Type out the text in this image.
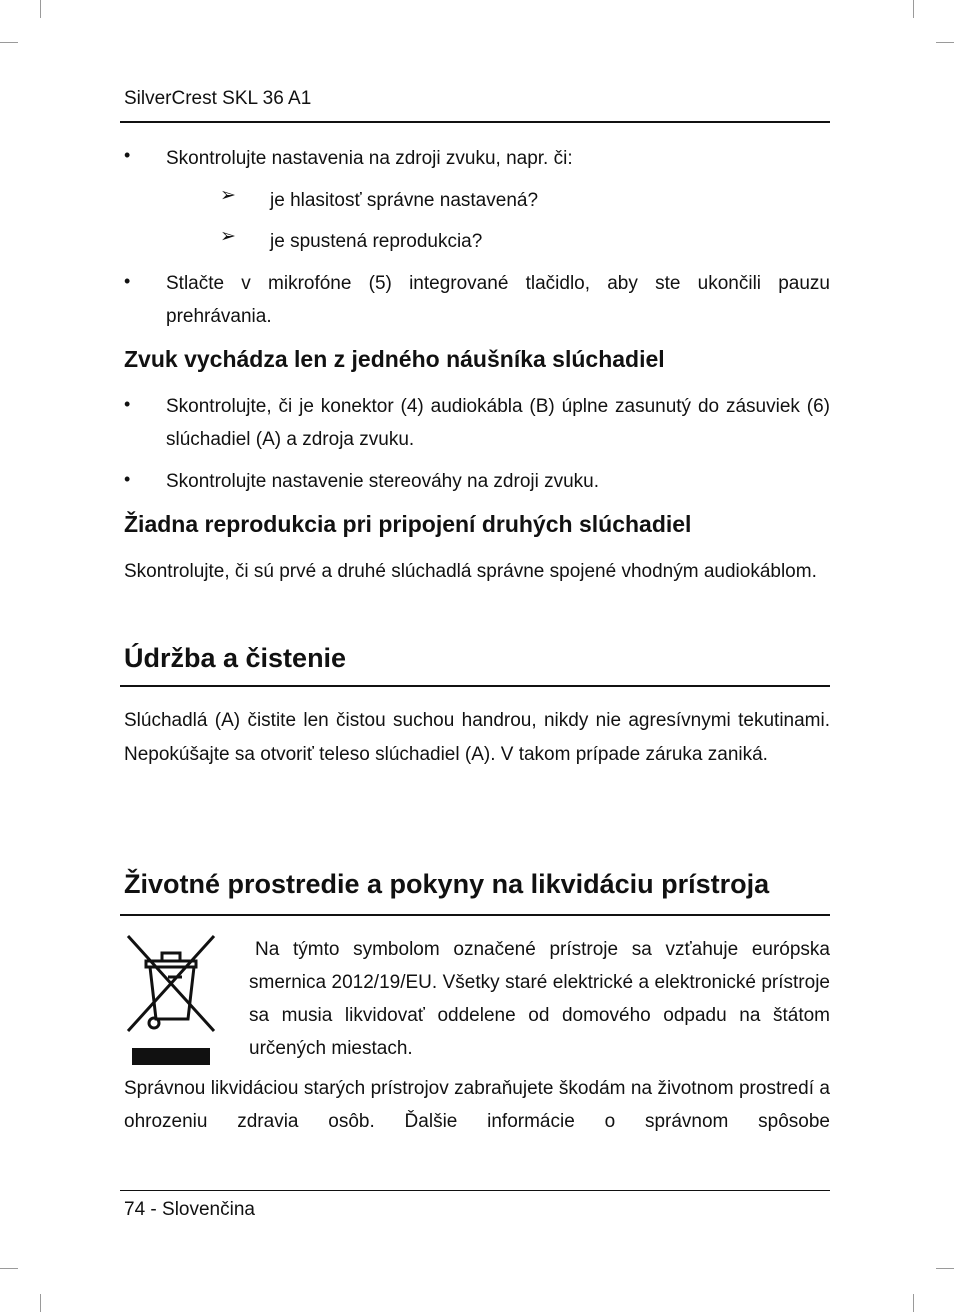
SilverCrest SKL 36 A1
• Skontrolujte nastavenia na zdroji zvuku, napr. či:
➢ je hlasitosť správne nastavená?
➢ je spustená reprodukcia?
• Stlačte v mikrofóne (5) integrované tlačidlo, aby ste ukončili pauzu prehrávania.
Zvuk vychádza len z jedného náušníka slúchadiel
• Skontrolujte, či je konektor (4) audiokábla (B) úplne zasunutý do zásuviek (6) slúchadiel (A) a zdroja zvuku.
• Skontrolujte nastavenie stereováhy na zdroji zvuku.
Žiadna reprodukcia pri pripojení druhých slúchadiel
Skontrolujte, či sú prvé a druhé slúchadlá správne spojené vhodným audiokáblom.
Údržba a čistenie
Slúchadlá (A) čistite len čistou suchou handrou, nikdy nie agresívnymi tekutinami. Nepokúšajte sa otvoriť teleso slúchadiel (A). V takom prípade záruka zaniká.
Životné prostredie a pokyny na likvidáciu prístroja
Na týmto symbolom označené prístroje sa vzťahuje európska smernica 2012/19/EU. Všetky staré elektrické a elektronické prístroje sa musia likvidovať oddelene od domového odpadu na štátom určených miestach.
Správnou likvidáciou starých prístrojov zabraňujete škodám na životnom prostredí a ohrozeniu zdravia osôb. Ďalšie informácie o správnom spôsobe
74 - Slovenčina
